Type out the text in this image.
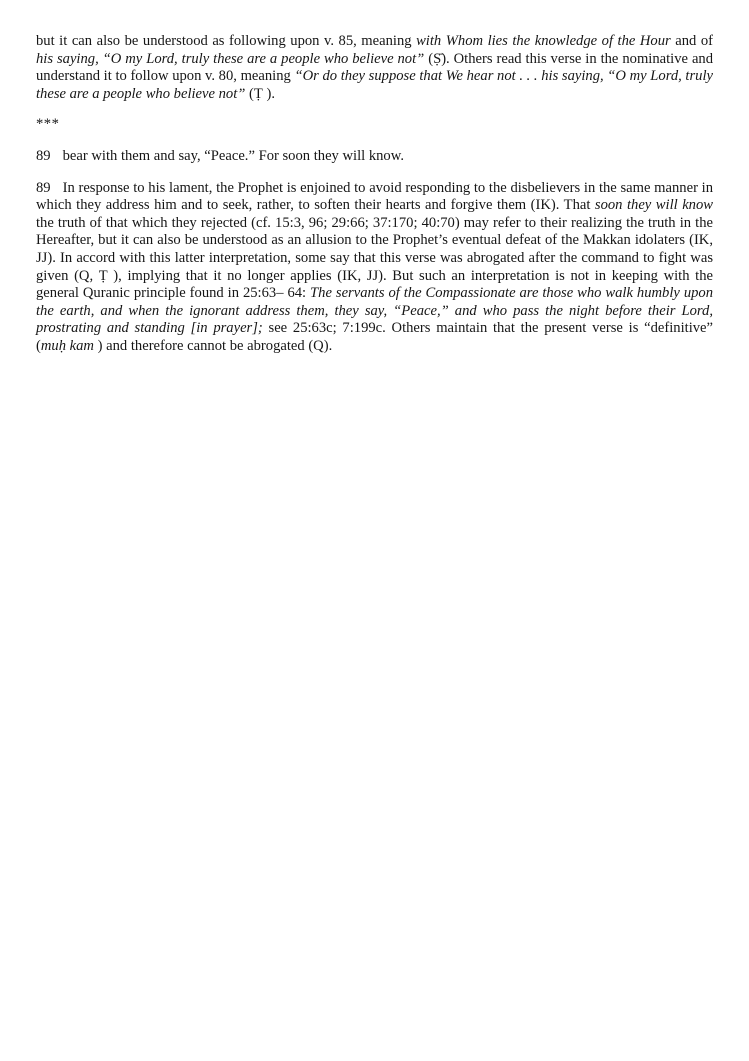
but it can also be understood as following upon v. 85, meaning with Whom lies the knowledge of the Hour and of his saying, “O my Lord, truly these are a people who believe not” (Ṣ̄). Others read this verse in the nominative and understand it to follow upon v. 80, meaning “Or do they suppose that We hear not . . . his saying, “O my Lord, truly these are a people who believe not” (Ṭ ).

***

89 bear with them and say, “Peace.” For soon they will know.

89 In response to his lament, the Prophet is enjoined to avoid responding to the disbelievers in the same manner in which they address him and to seek, rather, to soften their hearts and forgive them (IK). That soon they will know the truth of that which they rejected (cf. 15:3, 96; 29:66; 37:170; 40:70) may refer to their realizing the truth in the Hereafter, but it can also be understood as an allusion to the Prophet’s eventual defeat of the Makkan idolaters (IK, JJ). In accord with this latter interpretation, some say that this verse was abrogated after the command to fight was given (Q, Ṭ ), implying that it no longer applies (IK, JJ). But such an interpretation is not in keeping with the general Quranic principle found in 25:63– 64: The servants of the Compassionate are those who walk humbly upon the earth, and when the ignorant address them, they say, “Peace,” and who pass the night before their Lord, prostrating and standing [in prayer]; see 25:63c; 7:199c. Others maintain that the present verse is “definitive” (muḥ kam ) and therefore cannot be abrogated (Q).
